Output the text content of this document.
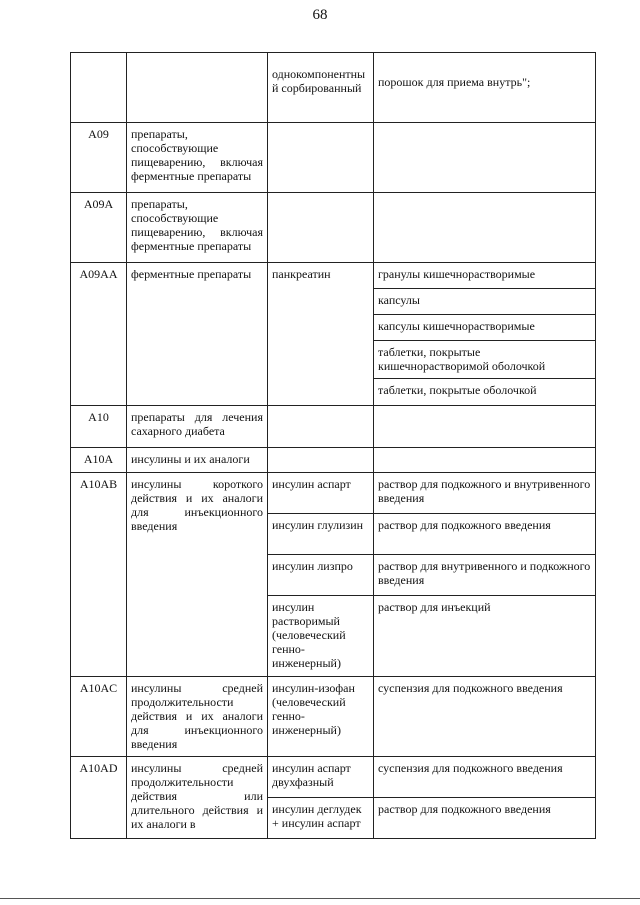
68
		однокомпонентны й сорбированный	порошок для приема внутрь";
A09	препараты, способствующие пищеварению, включая ферментные препараты		
A09A	препараты, способствующие пищеварению, включая ферментные препараты		
A09AA	ферментные препараты	панкреатин	гранулы кишечнорастворимые
			капсулы
			капсулы кишечнорастворимые
			таблетки, покрытые кишечнорастворимой оболочкой
			таблетки, покрытые оболочкой
A10	препараты для лечения сахарного диабета		
A10A	инсулины и их аналоги		
A10AB	инсулины короткого действия и их аналоги для инъекционного введения	инсулин аспарт	раствор для подкожного и внутривенного введения
		инсулин глулизин	раствор для подкожного введения
		инсулин лизпро	раствор для внутривенного и подкожного введения
		инсулин растворимый (человеческий генно-инженерный)	раствор для инъекций
A10AC	инсулины средней продолжительности действия и их аналоги для инъекционного введения	инсулин-изофан (человеческий генно-инженерный)	суспензия для подкожного введения
A10AD	инсулины средней продолжительности действия или длительного действия и их аналоги в	инсулин аспарт двухфазный	суспензия для подкожного введения
		инсулин деглудек + инсулин аспарт	раствор для подкожного введения
